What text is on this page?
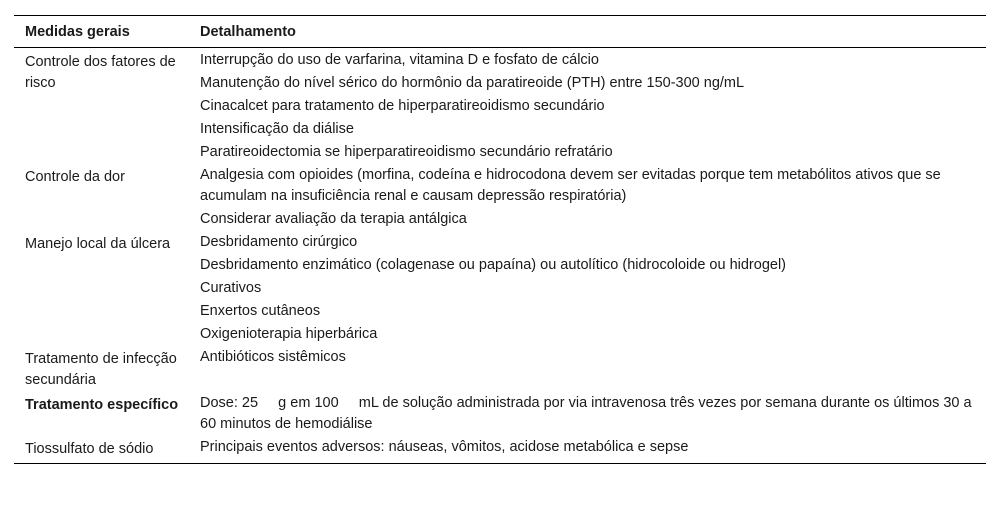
Medidas gerais	Detalhamento
Controle dos fatores de risco	Interrupção do uso de varfarina, vitamina D e fosfato de cálcio
Manutenção do nível sérico do hormônio da paratireoide (PTH) entre 150-300 ng/mL
Cinacalcet para tratamento de hiperparatireoidismo secundário
Intensificação da diálise
Paratireoidectomia se hiperparatireoidismo secundário refratário

Controle da dor	Analgesia com opioides (morfina, codeína e hidrocodona devem ser evitadas porque tem metabólitos ativos que se acumulam na insuficiência renal e causam depressão respiratória)
Considerar avaliação da terapia antálgica

Manejo local da úlcera	Desbridamento cirúrgico
Desbridamento enzimático (colagenase ou papaína) ou autolítico (hidrocoloide ou hidrogel)
Curativos
Enxertos cutâneos
Oxigenioterapia hiperbárica

Tratamento de infecção secundária	Antibióticos sistêmicos

Tratamento específico	Dose: 25     g em 100     mL de solução administrada por via intravenosa três vezes por semana durante os últimos 30 a 60 minutos de hemodiálise

Tiossulfato de sódio	Principais eventos adversos: náuseas, vômitos, acidose metabólica e sepse
